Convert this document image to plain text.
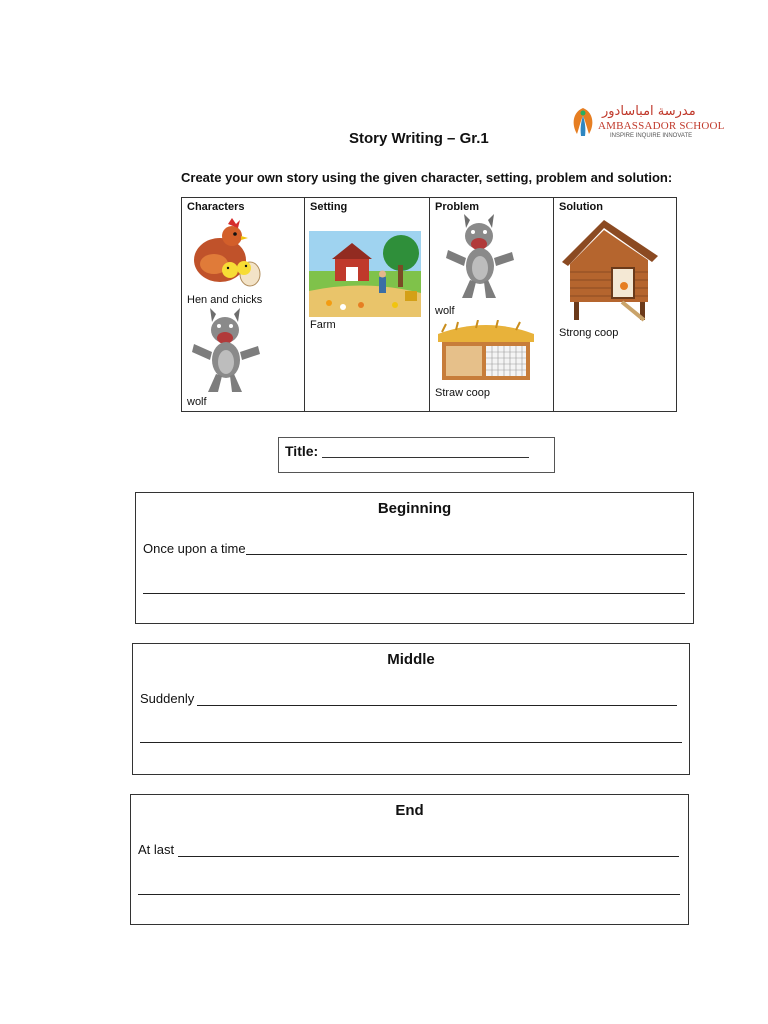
مدرسة امباسادور
AMBASSADOR SCHOOL
INSPIRE INQUIRE INNOVATE
Story Writing – Gr.1
Create your own story using the given character, setting, problem and solution:
Characters
Hen and chicks
wolf
Setting
Farm
Problem
wolf
Straw coop
Solution
Strong coop
Title:
Beginning
Once upon a time
Middle
Suddenly
End
At last
